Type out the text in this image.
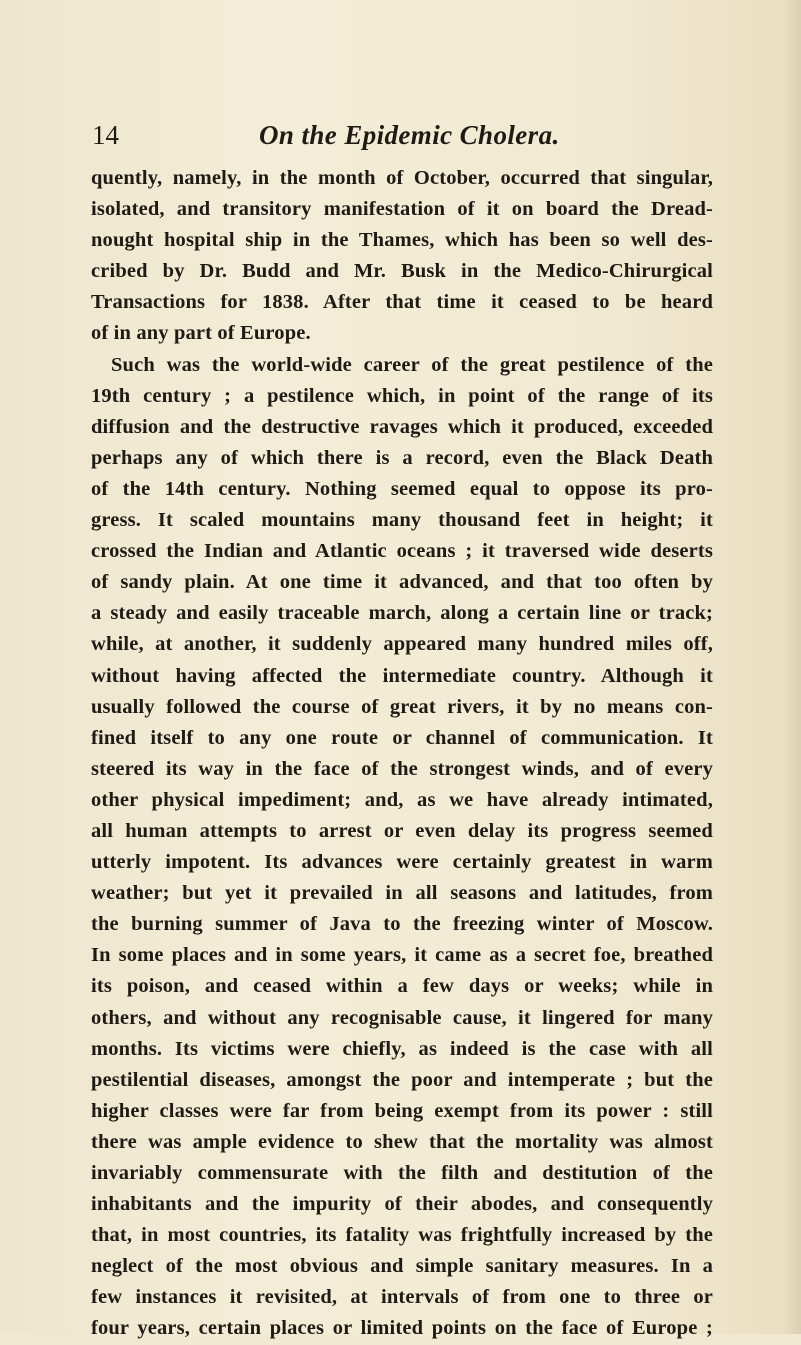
14	On the Epidemic Cholera.
quently, namely, in the month of October, occurred that singular,
isolated, and transitory manifestation of it on board the Dread-
nought hospital ship in the Thames, which has been so well des-
cribed by Dr. Budd and Mr. Busk in the Medico-Chirurgical
Transactions for 1838. After that time it ceased to be heard
of in any part of Europe.
Such was the world-wide career of the great pestilence of the
19th century ; a pestilence which, in point of the range of its
diffusion and the destructive ravages which it produced, exceeded
perhaps any of which there is a record, even the Black Death
of the 14th century. Nothing seemed equal to oppose its pro-
gress. It scaled mountains many thousand feet in height; it
crossed the Indian and Atlantic oceans ; it traversed wide deserts
of sandy plain. At one time it advanced, and that too often by
a steady and easily traceable march, along a certain line or track;
while, at another, it suddenly appeared many hundred miles off,
without having affected the intermediate country. Although it
usually followed the course of great rivers, it by no means con-
fined itself to any one route or channel of communication. It
steered its way in the face of the strongest winds, and of every
other physical impediment; and, as we have already intimated,
all human attempts to arrest or even delay its progress seemed
utterly impotent. Its advances were certainly greatest in warm
weather; but yet it prevailed in all seasons and latitudes, from
the burning summer of Java to the freezing winter of Moscow.
In some places and in some years, it came as a secret foe, breathed
its poison, and ceased within a few days or weeks; while in
others, and without any recognisable cause, it lingered for many
months. Its victims were chiefly, as indeed is the case with all
pestilential diseases, amongst the poor and intemperate ; but the
higher classes were far from being exempt from its power : still
there was ample evidence to shew that the mortality was almost
invariably commensurate with the filth and destitution of the
inhabitants and the impurity of their abodes, and consequently
that, in most countries, its fatality was frightfully increased by the
neglect of the most obvious and simple sanitary measures. In a
few instances it revisited, at intervals of from one to three or
four years, certain places or limited points on the face of Europe ;
